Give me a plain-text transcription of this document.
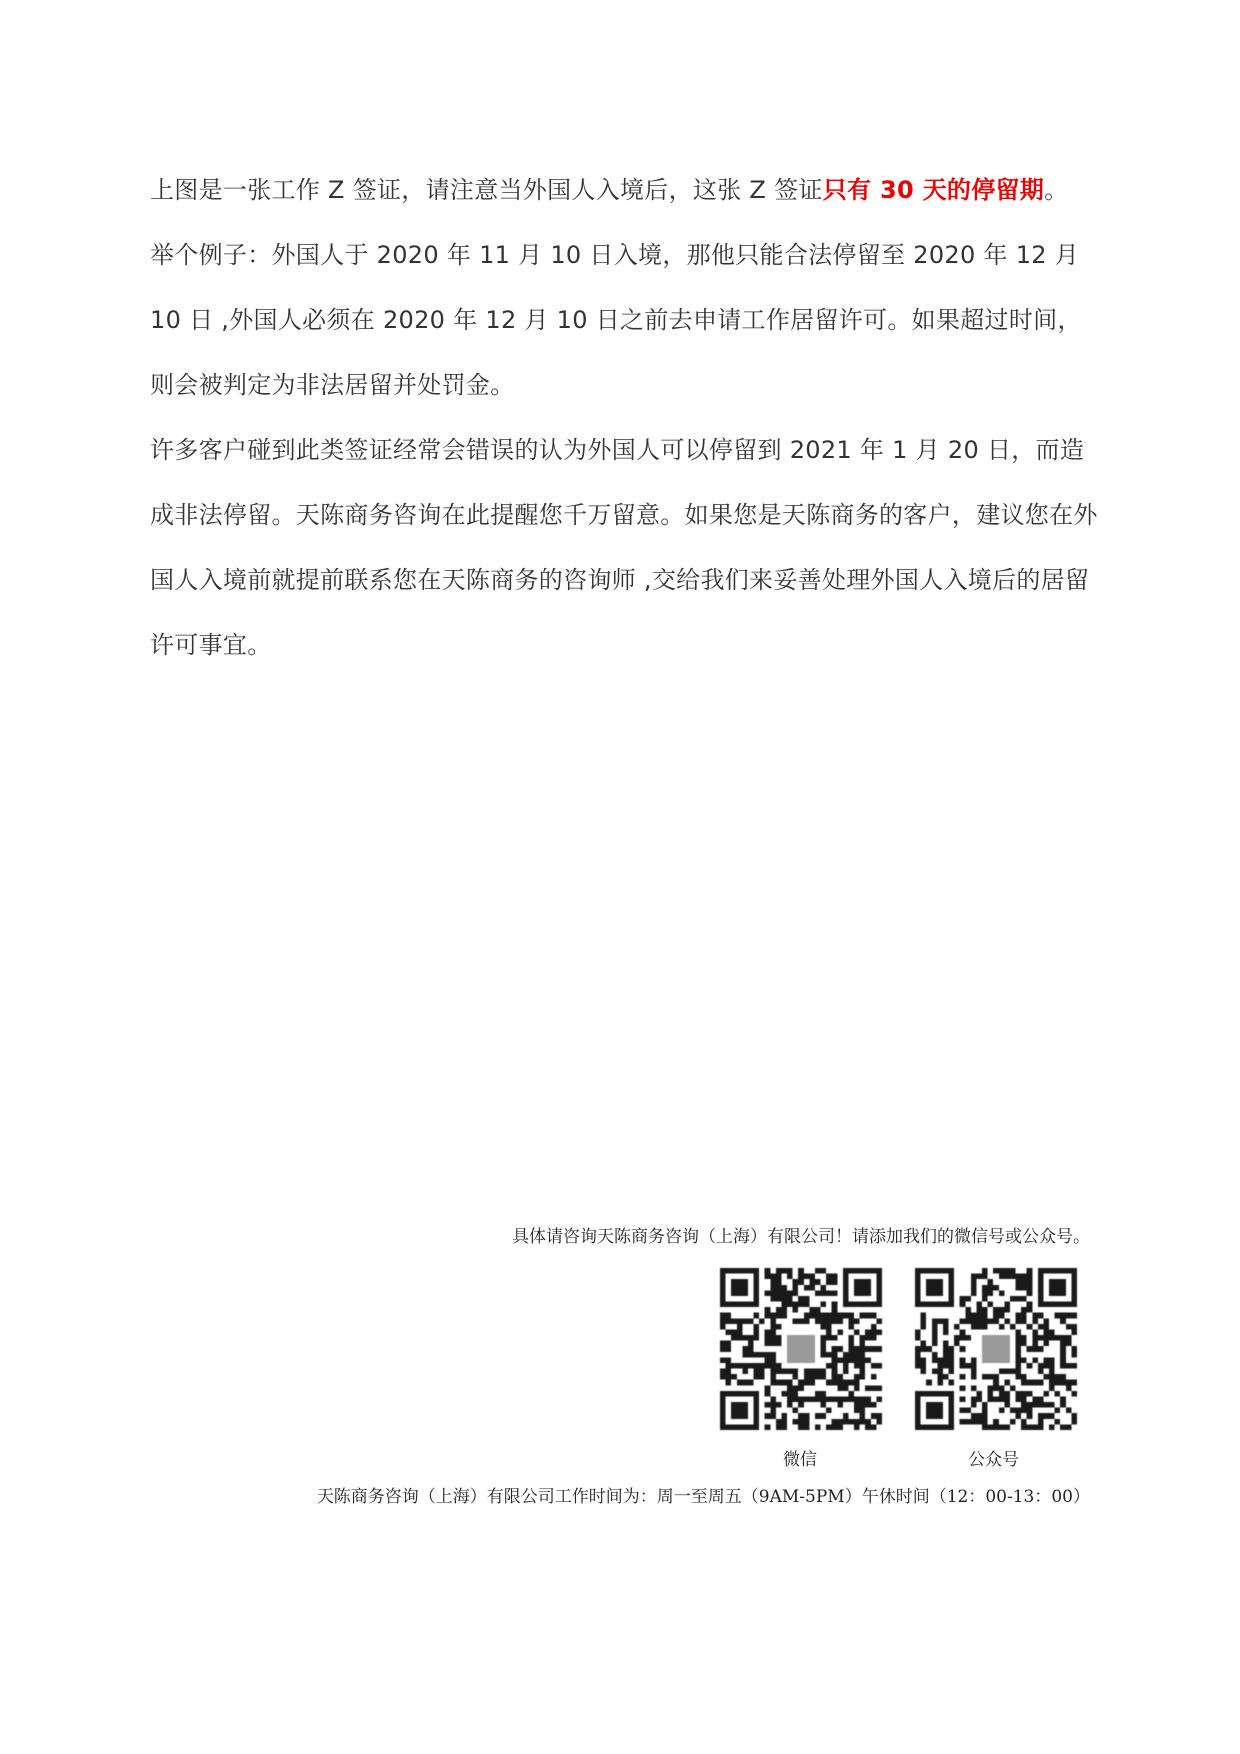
上图是一张工作 Z 签证，请注意当外国人入境后，这张 Z 签证只有 30 天的停留期。

举个例子：外国人于 2020 年 11 月 10 日入境，那他只能合法停留至 2020 年 12 月 10 日 ,外国人必须在 2020 年 12 月 10 日之前去申请工作居留许可。如果超过时间，则会被判定为非法居留并处罚金。

许多客户碰到此类签证经常会错误的认为外国人可以停留到 2021 年 1 月 20 日，而造成非法停留。天陈商务咨询在此提醒您千万留意。如果您是天陈商务的客户，建议您在外国人入境前就提前联系您在天陈商务的咨询师 ,交给我们来妥善处理外国人入境后的居留许可事宜。

具体请咨询天陈商务咨询（上海）有限公司！请添加我们的微信号或公众号。
微信	公众号
天陈商务咨询（上海）有限公司工作时间为：周一至周五（9AM-5PM）午休时间（12：00-13：00）
